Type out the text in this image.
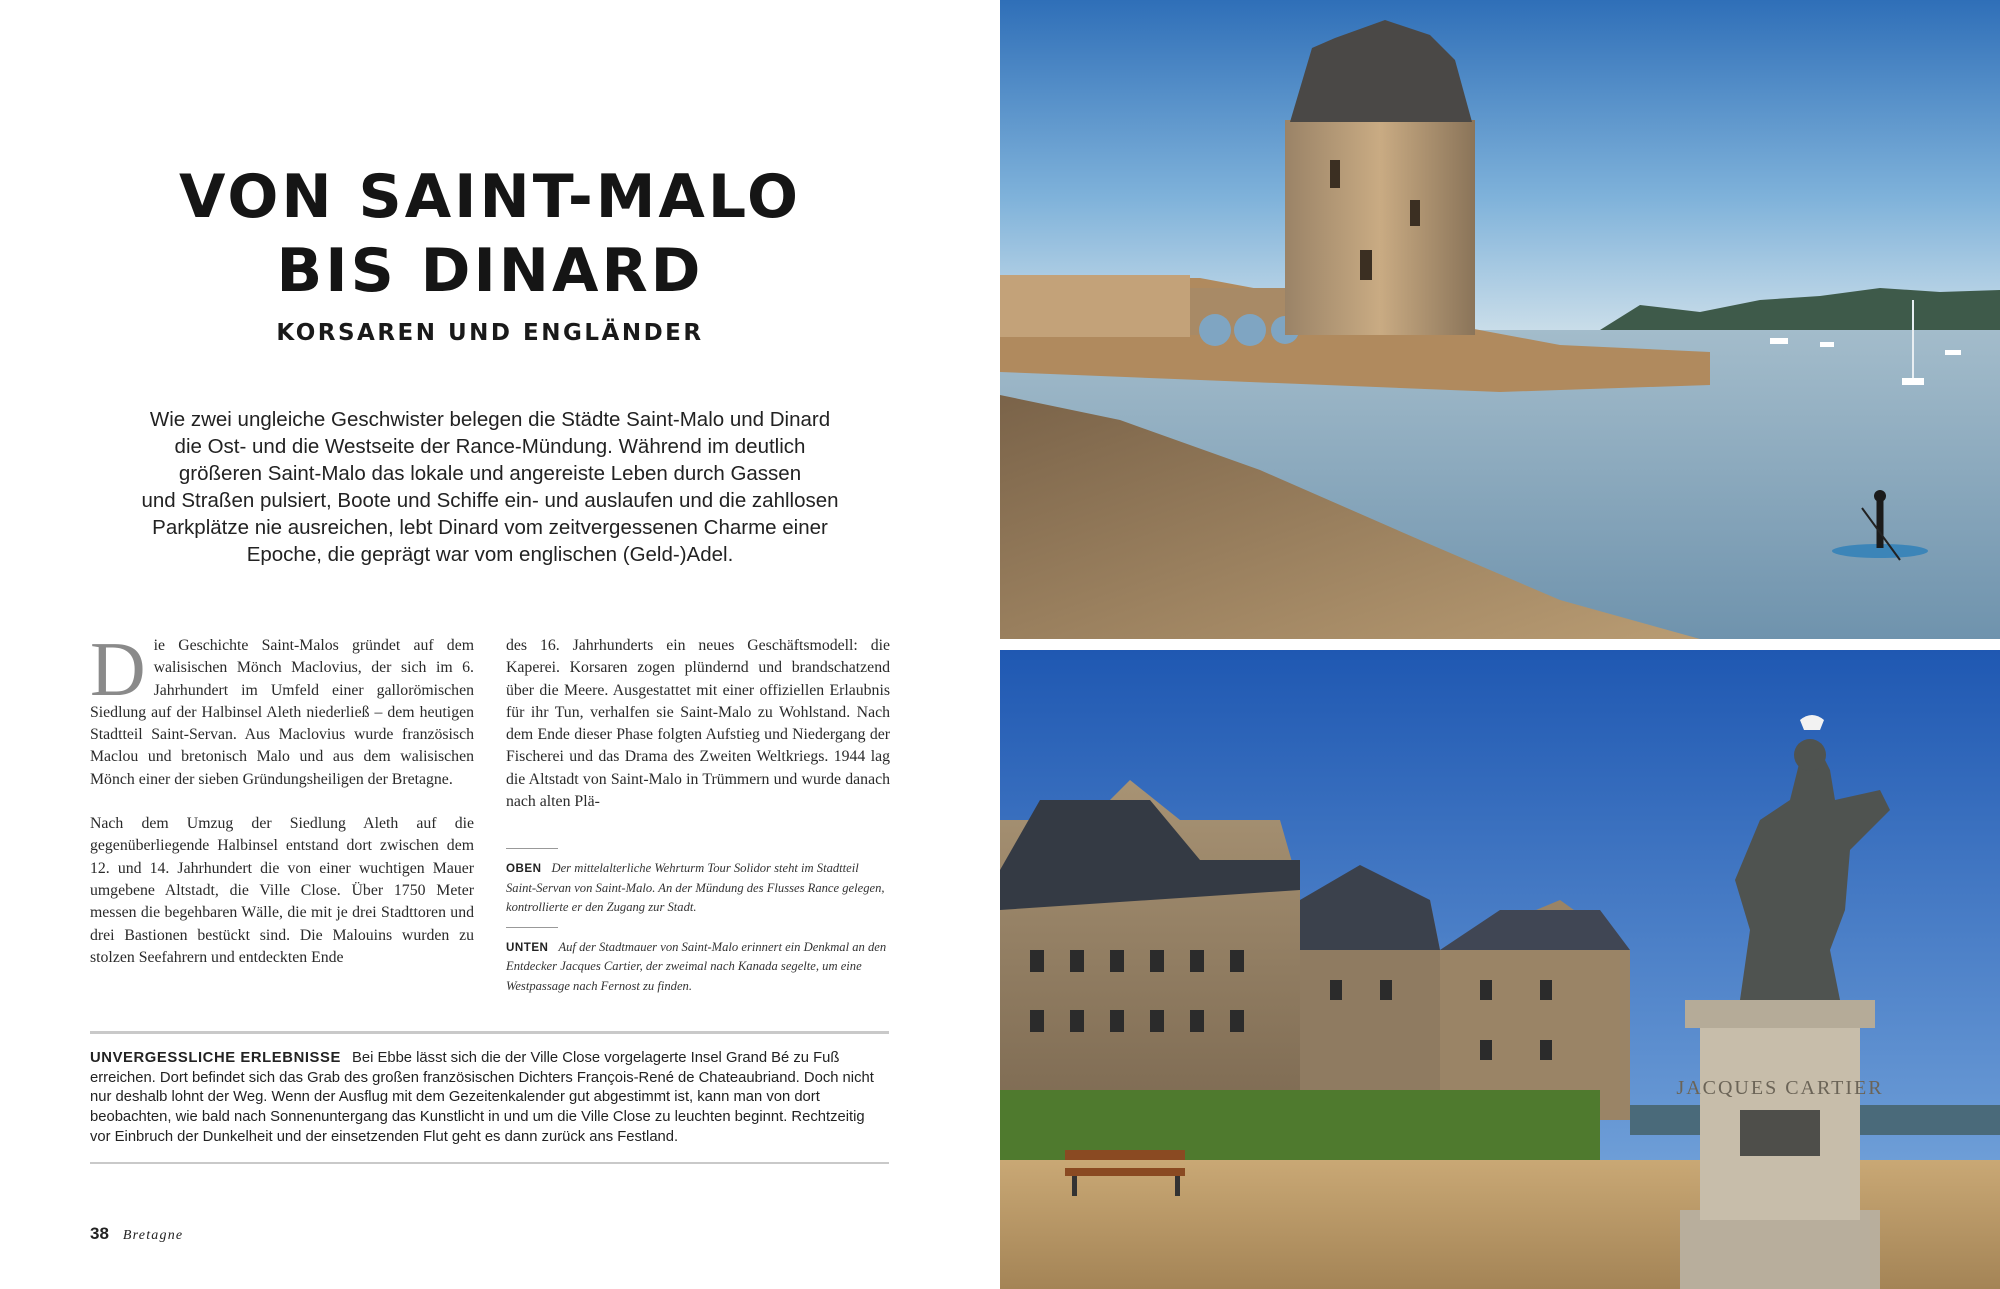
VON SAINT-MALO
BIS DINARD
KORSAREN UND ENGLÄNDER
Wie zwei ungleiche Geschwister belegen die Städte Saint-Malo und Dinard
die Ost- und die Westseite der Rance-Mündung. Während im deutlich
größeren Saint-Malo das lokale und angereiste Leben durch Gassen
und Straßen pulsiert, Boote und Schiffe ein- und auslaufen und die zahllosen
Parkplätze nie ausreichen, lebt Dinard vom zeitvergessenen Charme einer
Epoche, die geprägt war vom englischen (Geld-)Adel.

Die Geschichte Saint-Malos gründet auf dem walisischen Mönch Maclovius, der sich im 6. Jahrhundert im Umfeld einer gallorömischen Siedlung auf der Halbinsel Aleth niederließ – dem heutigen Stadtteil Saint-Servan. Aus Maclovius wurde französisch Maclou und bretonisch Malo und aus dem walisischen Mönch einer der sieben Gründungsheiligen der Bretagne.

Nach dem Umzug der Siedlung Aleth auf die gegenüberliegende Halbinsel entstand dort zwischen dem 12. und 14. Jahrhundert die von einer wuchtigen Mauer umgebene Altstadt, die Ville Close. Über 1750 Meter messen die begehbaren Wälle, die mit je drei Stadttoren und drei Bastionen bestückt sind. Die Malouins wurden zu stolzen Seefahrern und entdeckten Ende

des 16. Jahrhunderts ein neues Geschäftsmodell: die Kaperei. Korsaren zogen plündernd und brandschatzend über die Meere. Ausgestattet mit einer offiziellen Erlaubnis für ihr Tun, verhalfen sie Saint-Malo zu Wohlstand. Nach dem Ende dieser Phase folgten Aufstieg und Niedergang der Fischerei und das Drama des Zweiten Weltkriegs. 1944 lag die Altstadt von Saint-Malo in Trümmern und wurde danach nach alten Plä-

OBEN Der mittelalterliche Wehrturm Tour Solidor steht im Stadtteil Saint-Servan von Saint-Malo. An der Mündung des Flusses Rance gelegen, kontrollierte er den Zugang zur Stadt.

UNTEN Auf der Stadtmauer von Saint-Malo erinnert ein Denkmal an den Entdecker Jacques Cartier, der zweimal nach Kanada segelte, um eine Westpassage nach Fernost zu finden.

UNVERGESSLICHE ERLEBNISSE Bei Ebbe lässt sich die der Ville Close vorgelagerte Insel Grand Bé zu Fuß erreichen. Dort befindet sich das Grab des großen französischen Dichters François-René de Chateaubriand. Doch nicht nur deshalb lohnt der Weg. Wenn der Ausflug mit dem Gezeitenkalender gut abgestimmt ist, kann man von dort beobachten, wie bald nach Sonnenuntergang das Kunstlicht in und um die Ville Close zu leuchten beginnt. Rechtzeitig vor Einbruch der Dunkelheit und der einsetzenden Flut geht es dann zurück ans Festland.

38 Bretagne
JACQUES CARTIER
